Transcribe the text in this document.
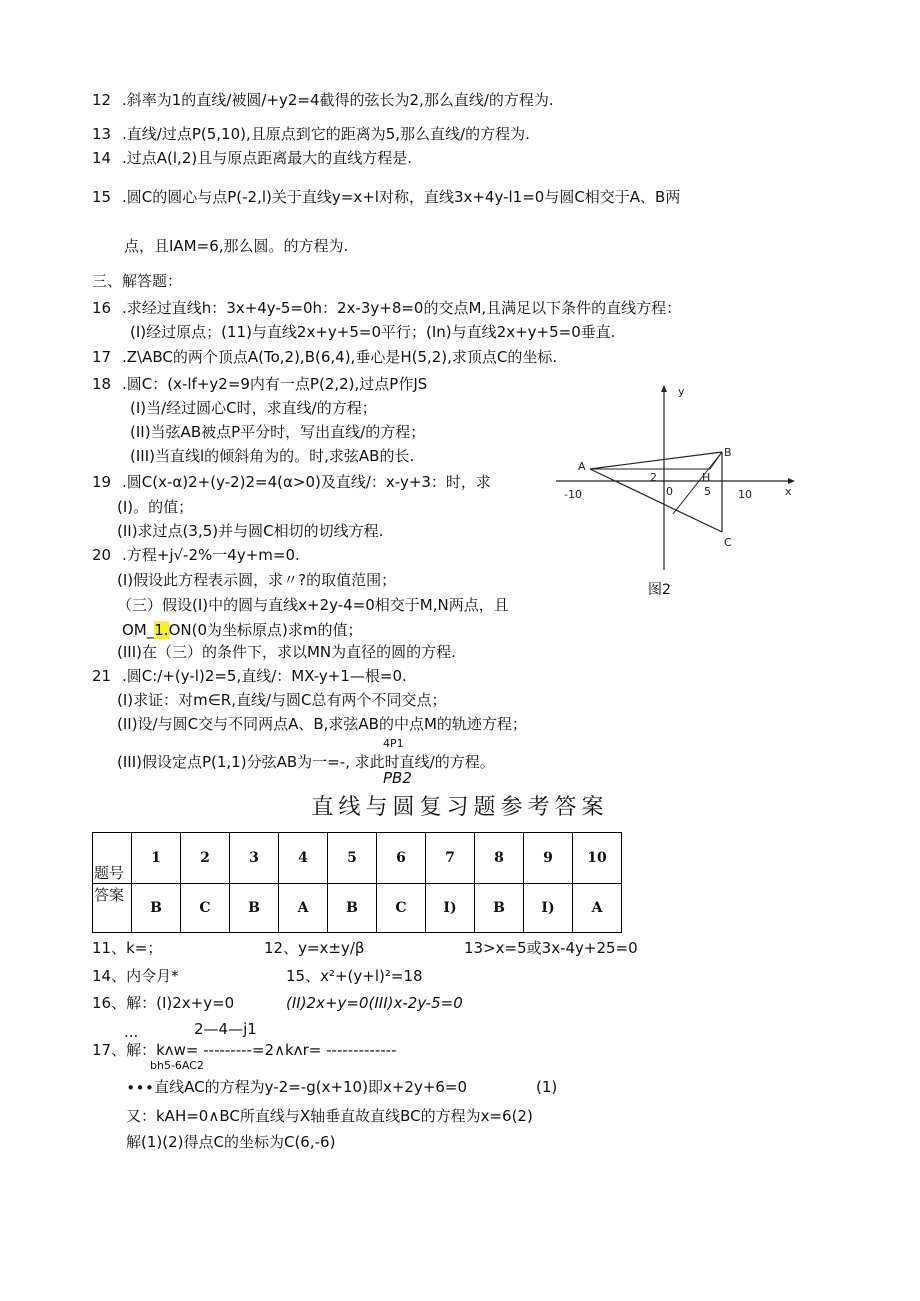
12 .斜率为1的直线/被圆/+y2=4截得的弦长为2,那么直线/的方程为.
13 .直线/过点P(5,10),且原点到它的距离为5,那么直线/的方程为.
14 .过点A(l,2)且与原点距离最大的直线方程是.
15 .圆C的圆心与点P(-2,l)关于直线y=x+l对称，直线3x+4y-l1=0与圆C相交于A、B两
点，且IAM=6,那么圆。的方程为.
三、解答题：
16 .求经过直线h：3x+4y-5=0h：2x-3y+8=0的交点M,且满足以下条件的直线方程：
(I)经过原点；(11)与直线2x+y+5=0平行；(In)与直线2x+y+5=0垂直.
17 .Z\ABC的两个顶点A(To,2),B(6,4),垂心是H(5,2),求顶点C的坐标.
18 .圆C：(x-lf+y2=9内有一点P(2,2),过点P作JS
(I)当/经过圆心C时，求直线/的方程；
(II)当弦AB被点P平分时，写出直线/的方程；
(III)当直线l的倾斜角为的。时,求弦AB的长.
19 .圆C(x-α)2+(y-2)2=4(α>0)及直线/：x-y+3：时，求
(I)。的值；
(II)求过点(3,5)并与圆C相切的切线方程.
20 .方程+j√-2%一4y+m=0.
(I)假设此方程表示圆，求〃?的取值范围；
（三）假设(I)中的圆与直线x+2y-4=0相交于M,N两点，且
OM_1.ON(0为坐标原点)求m的值；
(III)在（三）的条件下，求以MN为直径的圆的方程.
21 .圆C:/+(y-l)2=5,直线/：MX-y+1—根=0.
(I)求证：对m∈R,直线/与圆C总有两个不同交点；
(II)设/与圆C交与不同两点A、B,求弦AB的中点M的轨迹方程；
4P1
(III)假设定点P(1,1)分弦AB为一=-, 求此时直线/的方程。
PB2
y
x
-10
2
0	5 10
A
B
C
H
图2
直线与圆复习题参考答案
题号	1	2	3	4	5	6	7	8	9	10
答案	B	C	B	A	B	C	I)	B	I)	A
11、k=；	12、y=x±y/β	13>x=5或3x-4y+25=0
14、内令月*	15、x²+(y+l)²=18
16、解：(I)2x+y=0	(II)2x+y=0(III)x-2y-5=0
...	2—4—j1
17、解：kʌw= ---------=2∧kʌr= -------------
bh5-6AC2
∙∙∙直线AC的方程为y-2=-g(x+10)即x+2y+6=0	(1)
又：kAH=0∧BC所直线与X轴垂直故直线BC的方程为x=6(2)
解(1)(2)得点C的坐标为C(6,-6)
